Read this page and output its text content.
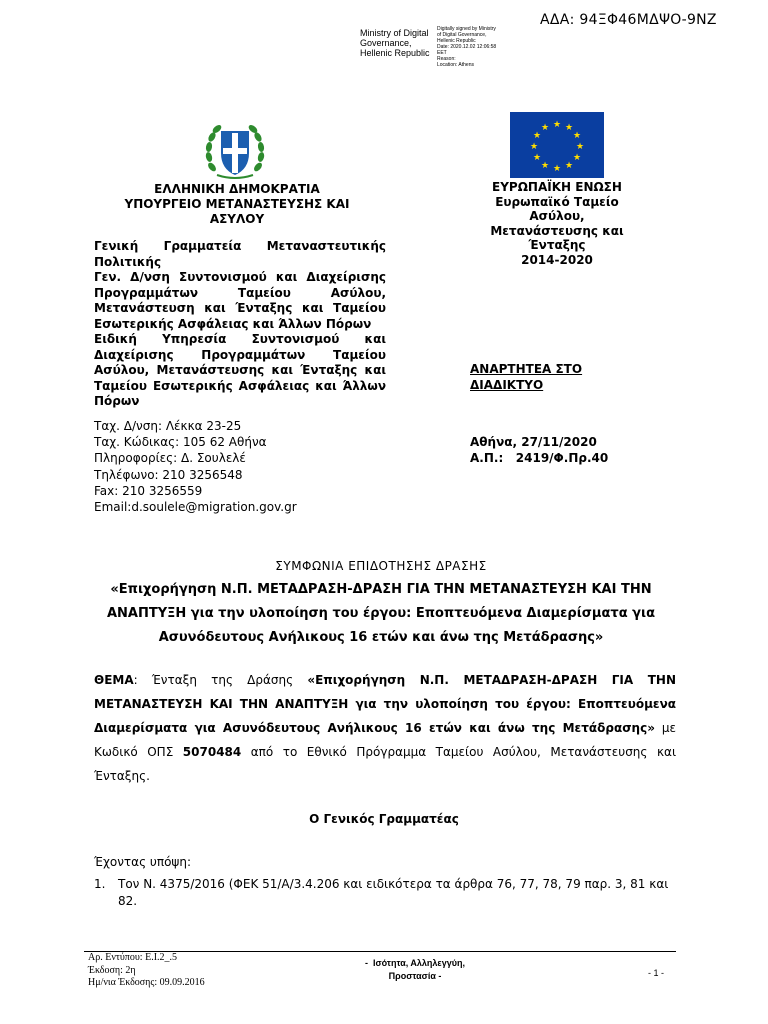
ΑΔΑ: 94ΞΦ46ΜΔΨΟ-9ΝΖ
Ministry of Digital
Governance,
Hellenic Republic
Digitally signed by Ministry
of Digital Governance,
Hellenic Republic
Date: 2020.12.02 12:06:58
EET
Reason:
Location: Athens
★ ★
★
★
★
★
★
★
★
★
★
★
ΕΛΛΗΝΙΚΗ ΔΗΜΟΚΡΑΤΙΑ
ΥΠΟΥΡΓΕΙΟ ΜΕΤΑΝΑΣΤΕΥΣΗΣ ΚΑΙ
ΑΣΥΛΟΥ
ΕΥΡΩΠΑΪΚΗ ΕΝΩΣΗ
Ευρωπαϊκό Ταμείο
Ασύλου,
Μετανάστευσης και
Ένταξης
2014-2020

Γενική Γραμματεία Μεταναστευτικής Πολιτικής

Γεν. Δ/νση Συντονισμού και Διαχείρισης Προγραμμάτων Ταμείου Ασύλου, Μετανάστευση και Ένταξης και Ταμείου Εσωτερικής Ασφάλειας και Άλλων Πόρων

Ειδική Υπηρεσία Συντονισμού και Διαχείρισης Προγραμμάτων Ταμείου Ασύλου, Μετανάστευσης και Ένταξης και Ταμείου Εσωτερικής Ασφάλειας και Άλλων Πόρων

Ταχ. Δ/νση: Λέκκα 23-25
Ταχ. Κώδικας: 105 62 Αθήνα
Πληροφορίες: Δ. Σουλελέ
Τηλέφωνο: 210 3256548
Fax: 210 3256559
Email:d.soulele@migration.gov.gr
ΑΝΑΡΤΗΤΕΑ ΣΤΟ
ΔΙΑΔΙΚΤΥΟ
Αθήνα, 27/11/2020
Α.Π.:   2419/Φ.Πρ.40
ΣΥΜΦΩΝΙΑ ΕΠΙΔΟΤΗΣΗΣ ΔΡΑΣΗΣ
«Επιχορήγηση Ν.Π. ΜΕΤΑΔΡΑΣΗ-ΔΡΑΣΗ ΓΙΑ ΤΗΝ ΜΕΤΑΝΑΣΤΕΥΣΗ ΚΑΙ ΤΗΝ ΑΝΑΠΤΥΞΗ για την υλοποίηση του έργου: Εποπτευόμενα Διαμερίσματα για Ασυνόδευτους Ανήλικους 16 ετών και άνω της Μετάδρασης»
ΘΕΜΑ: Ένταξη της Δράσης «Επιχορήγηση Ν.Π. ΜΕΤΑΔΡΑΣΗ-ΔΡΑΣΗ ΓΙΑ ΤΗΝ ΜΕΤΑΝΑΣΤΕΥΣΗ ΚΑΙ ΤΗΝ ΑΝΑΠΤΥΞΗ για την υλοποίηση του έργου: Εποπτευόμενα Διαμερίσματα για Ασυνόδευτους Ανήλικους 16 ετών και άνω της Μετάδρασης» με Κωδικό ΟΠΣ 5070484 από το Εθνικό Πρόγραμμα Ταμείου Ασύλου, Μετανάστευσης και Ένταξης.
Ο Γενικός Γραμματέας
Έχοντας υπόψη:
1. Τον Ν. 4375/2016 (ΦΕΚ 51/Α/3.4.206 και ειδικότερα τα άρθρα 76, 77, 78, 79 παρ. 3, 81 και 82.
Αρ. Εντύπου: Ε.Ι.2_.5
Έκδοση: 2η
Ημ/νια Έκδοσης: 09.09.2016
-  Ισότητα, Αλληλεγγύη,
Προστασία -	- 1 -
